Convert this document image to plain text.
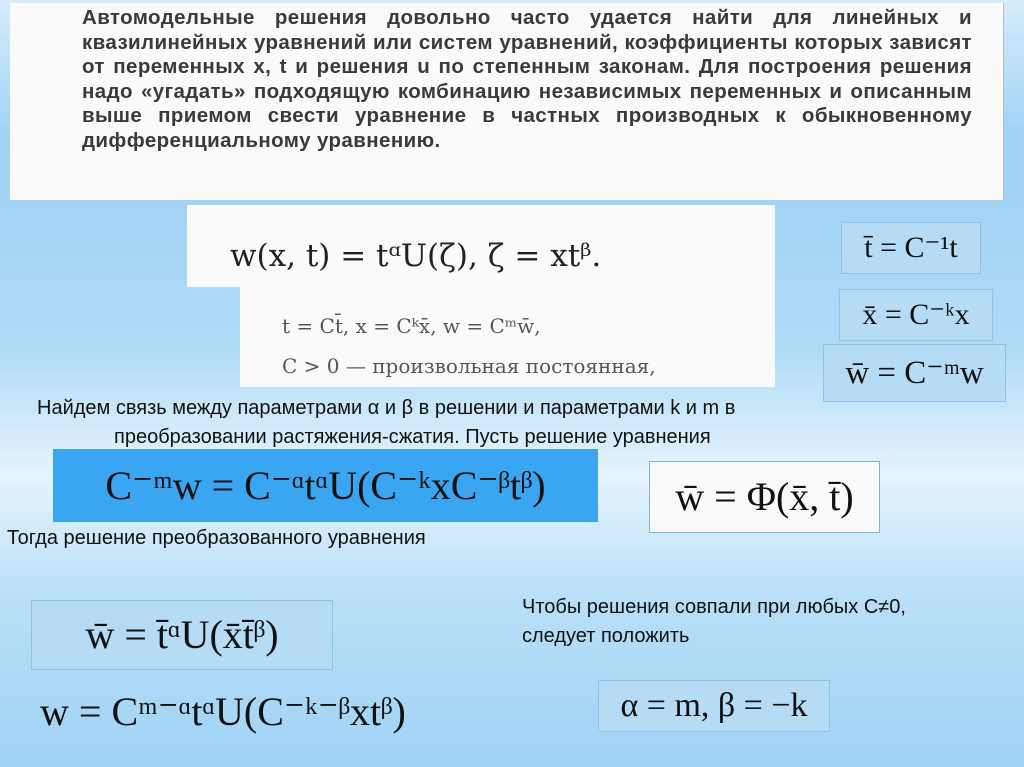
Автомодельные решения довольно часто удается найти для линейных и квазилинейных уравнений или систем уравнений, коэффициенты которых зависят от переменных x, t и решения u по степенным законам. Для построения решения надо «угадать» подходящую комбинацию независимых переменных и описанным выше приемом свести уравнение в частных производных к обыкновенному дифференциальному уравнению.

w(x, t) = tᵅU(ζ), ζ = xtᵝ.
t = Ct̄, x = Cᵏx̄, w = Cᵐw̄,
C > 0 — произвольная постоянная,
t̄ = C⁻¹t
x̄ = C⁻ᵏx
w̄ = C⁻ᵐw
Найдем связь между параметрами α и β в решении и параметрами k и m в
преобразовании растяжения-сжатия. Пусть решение уравнения
C⁻ᵐw = C⁻ᵅtᵅU(C⁻ᵏxC⁻ᵝtᵝ)	w̄ = Φ(x̄, t̄)
Тогда решение преобразованного уравнения
w̄ = t̄ᵅU(x̄t̄ᵝ)
Чтобы решения совпали при любых C≠0,
следует положить
w = Cᵐ⁻ᵅtᵅU(C⁻ᵏ⁻ᵝxtᵝ)	α = m, β = −k
